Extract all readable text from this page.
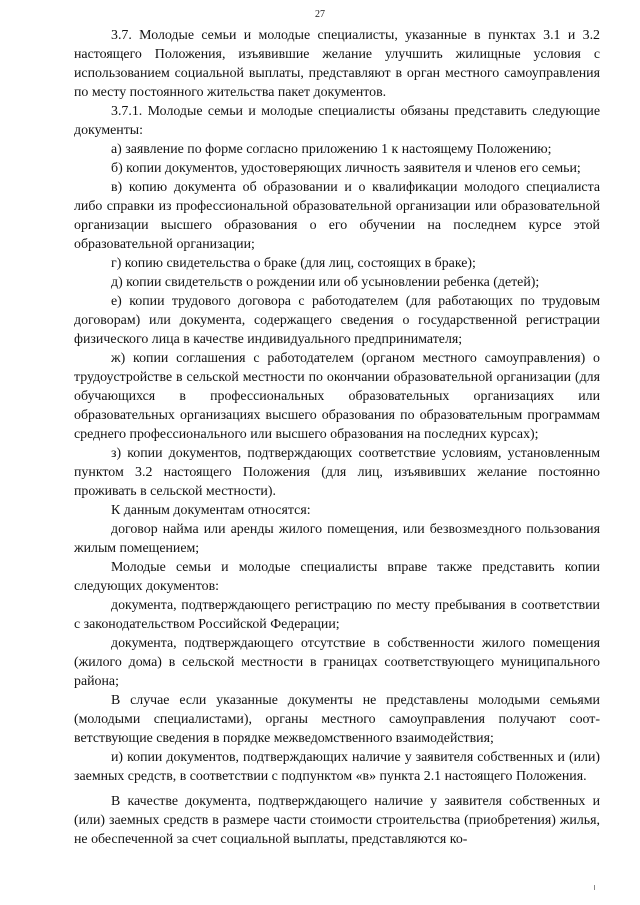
27

3.7. Молодые семьи и молодые специалисты, указанные в пунктах 3.1 и 3.2 настоящего Положения, изъявившие желание улучшить жилищные условия с использованием социальной выплаты, представляют в орган местного самоуправления по месту постоянного жительства пакет документов.

3.7.1. Молодые семьи и молодые специалисты обязаны представить следующие документы:

а) заявление по форме согласно приложению 1 к настоящему Положению;

б) копии документов, удостоверяющих личность заявителя и членов его семьи;

в) копию документа об образовании и о квалификации молодого специалиста либо справки из профессиональной образовательной организации или образовательной организации высшего образования о его обучении на последнем курсе этой образовательной организации;

г) копию свидетельства о браке (для лиц, состоящих в браке);

д) копии свидетельств о рождении или об усыновлении ребенка (детей);

е) копии трудового договора с работодателем (для работающих по трудовым договорам) или документа, содержащего сведения о государственной регистрации физического лица в качестве индивидуального предпринимателя;

ж) копии соглашения с работодателем (органом местного самоуправления) о трудоустройстве в сельской местности по окончании образовательной организации (для обучающихся в профессиональных образовательных организациях или образовательных организациях высшего образования по образовательным программам среднего профессионального или высшего образования на последних курсах);

з) копии документов, подтверждающих соответствие условиям, установленным пунктом 3.2 настоящего Положения (для лиц, изъявивших желание постоянно проживать в сельской местности).

К данным документам относятся:

договор найма или аренды жилого помещения, или безвозмездного пользования жилым помещением;

Молодые семьи и молодые специалисты вправе также представить копии следующих документов:

документа, подтверждающего регистрацию по месту пребывания в соответствии с законодательством Российской Федерации;

документа, подтверждающего отсутствие в собственности жилого помещения (жилого дома) в сельской местности в границах соответствующего муниципального района;

В случае если указанные документы не представлены молодыми семьями (молодыми специалистами), органы местного самоуправления получают соответствующие сведения в порядке межведомственного взаимодействия;

и) копии документов, подтверждающих наличие у заявителя собственных и (или) заемных средств, в соответствии с подпунктом «в» пункта 2.1 настоящего Положения.

В качестве документа, подтверждающего наличие у заявителя собственных и (или) заемных средств в размере части стоимости строительства (приобретения) жилья, не обеспеченной за счет социальной выплаты, представляются ко-
